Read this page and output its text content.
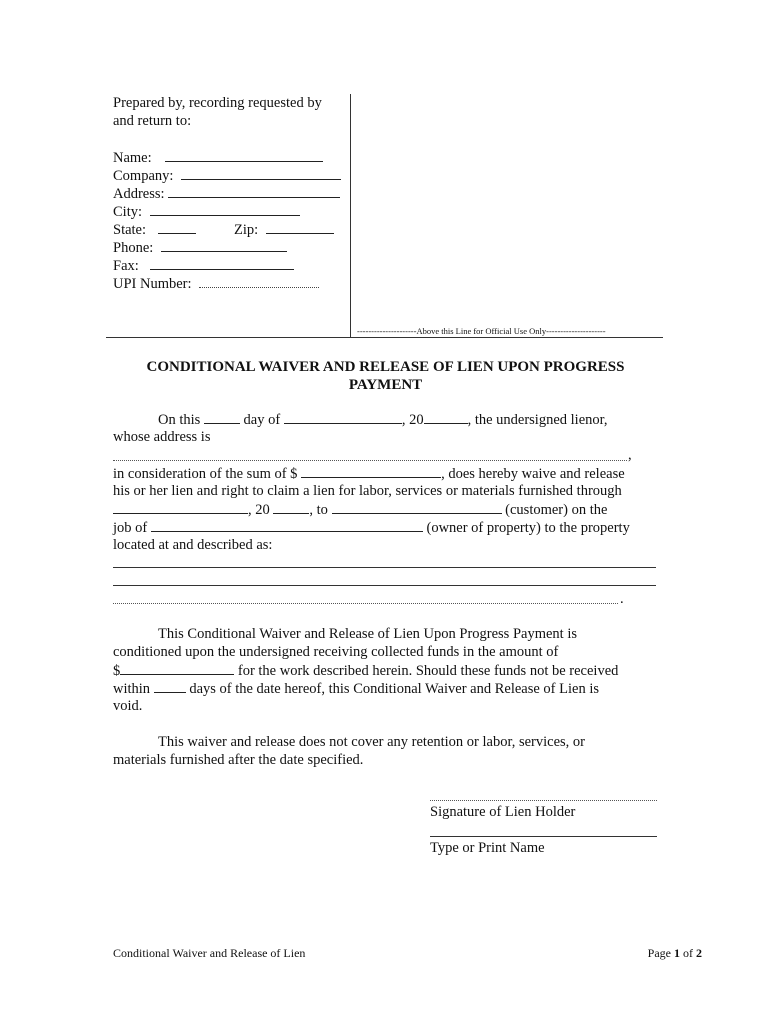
Prepared by, recording requested by
and return to:
Name:
Company:
Address:
City:
State:	Zip:
Phone:
Fax:
UPI Number:
---------------------Above this Line for Official Use Only---------------------
CONDITIONAL WAIVER AND RELEASE OF LIEN UPON PROGRESS
PAYMENT
On this	day of	, 20	, the undersigned lienor,
whose address is
,
in consideration of the sum of $	, does hereby waive and release
his or her lien and right to claim a lien for labor, services or materials furnished through
, 20	, to	(customer) on the
job of	(owner of property) to the property
located at and described as:
.
This Conditional Waiver and Release of Lien Upon Progress Payment is
conditioned upon the undersigned receiving collected funds in the amount of
$	for the work described herein. Should these funds not be received
within	days of the date hereof, this Conditional Waiver and Release of Lien is
void.
This waiver and release does not cover any retention or labor, services, or
materials furnished after the date specified.
Signature of Lien Holder
Type or Print Name
Conditional Waiver and Release of Lien	Page 1 of 2
